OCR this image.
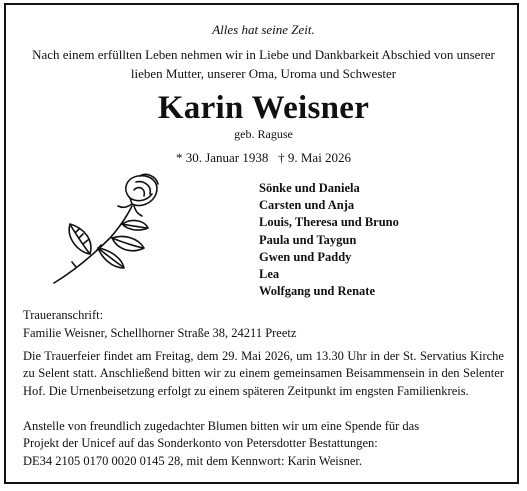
Alles hat seine Zeit.
Nach einem erfüllten Leben nehmen wir in Liebe und Dankbarkeit Abschied von unserer
lieben Mutter, unserer Oma, Uroma und Schwester
Karin Weisner
geb. Raguse
* 30. Januar 1938   † 9. Mai 2026
Sönke und Daniela
Carsten und Anja
Louis, Theresa und Bruno
Paula und Taygun
Gwen und Paddy
Lea
Wolfgang und Renate
Traueranschrift:
Familie Weisner, Schellhorner Straße 38, 24211 Preetz

Die Trauerfeier findet am Freitag, dem 29. Mai 2026, um 13.30 Uhr in der St. Servatius Kirche zu Selent statt. Anschließend bitten wir zu einem gemeinsamen Beisammensein in den Selenter Hof. Die Urnenbeisetzung erfolgt zu einem späteren Zeitpunkt im engsten Familienkreis.

Anstelle von freundlich zugedachter Blumen bitten wir um eine Spende für das
Projekt der Unicef auf das Sonderkonto von Petersdotter Bestattungen:
DE34 2105 0170 0020 0145 28, mit dem Kennwort: Karin Weisner.
